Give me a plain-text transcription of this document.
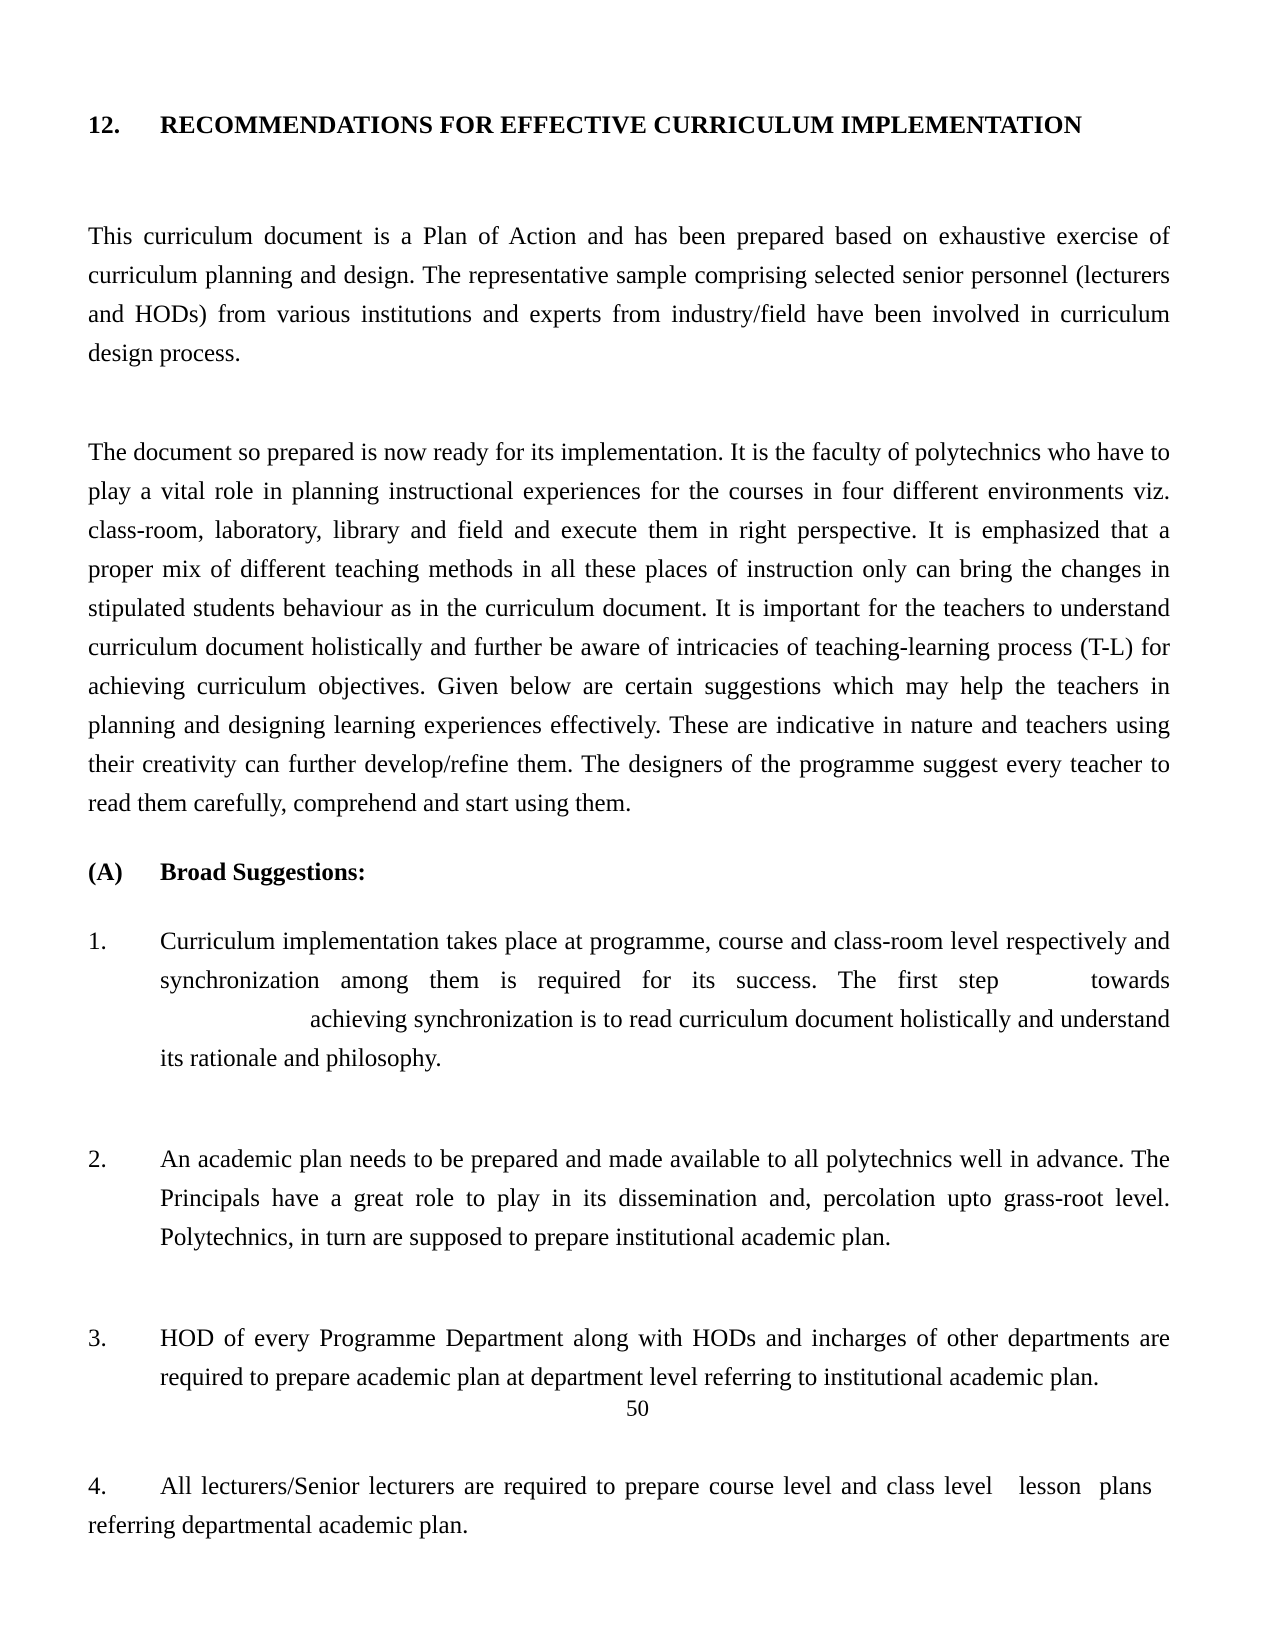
12.	RECOMMENDATIONS FOR EFFECTIVE CURRICULUM IMPLEMENTATION

This curriculum document is a Plan of Action and has been prepared based on exhaustive exercise of curriculum planning and design. The representative sample comprising selected senior personnel (lecturers and HODs) from various institutions and experts from industry/field have been involved in curriculum design process.

The document so prepared is now ready for its implementation. It is the faculty of polytechnics who have to play a vital role in planning instructional experiences for the courses in four different environments viz. class-room, laboratory, library and field and execute them in right perspective. It is emphasized that a proper mix of different teaching methods in all these places of instruction only can bring the changes in stipulated students behaviour as in the curriculum document. It is important for the teachers to understand curriculum document holistically and further be aware of intricacies of teaching-learning process (T-L) for achieving curriculum objectives. Given below are certain suggestions which may help the teachers in planning and designing learning experiences effectively. These are indicative in nature and teachers using their creativity can further develop/refine them. The designers of the programme suggest every teacher to read them carefully, comprehend and start using them.

(A)	Broad Suggestions:
1.	Curriculum implementation takes place at programme, course and class-room level respectively and synchronization among them is required for its success. The first step	towardsachieving synchronization is to read curriculum document holistically and understand its rationale and philosophy.
2.	An academic plan needs to be prepared and made available to all polytechnics well in advance. The Principals have a great role to play in its dissemination and, percolation upto grass-root level. Polytechnics, in turn are supposed to prepare institutional academic plan.
3.	HOD of every Programme Department along with HODs and incharges of other departments are required to prepare academic plan at department level referring to institutional academic plan.

4. All lecturers/Senior lecturers are required to prepare course level and class level lesson plansreferring departmental academic plan.

50
